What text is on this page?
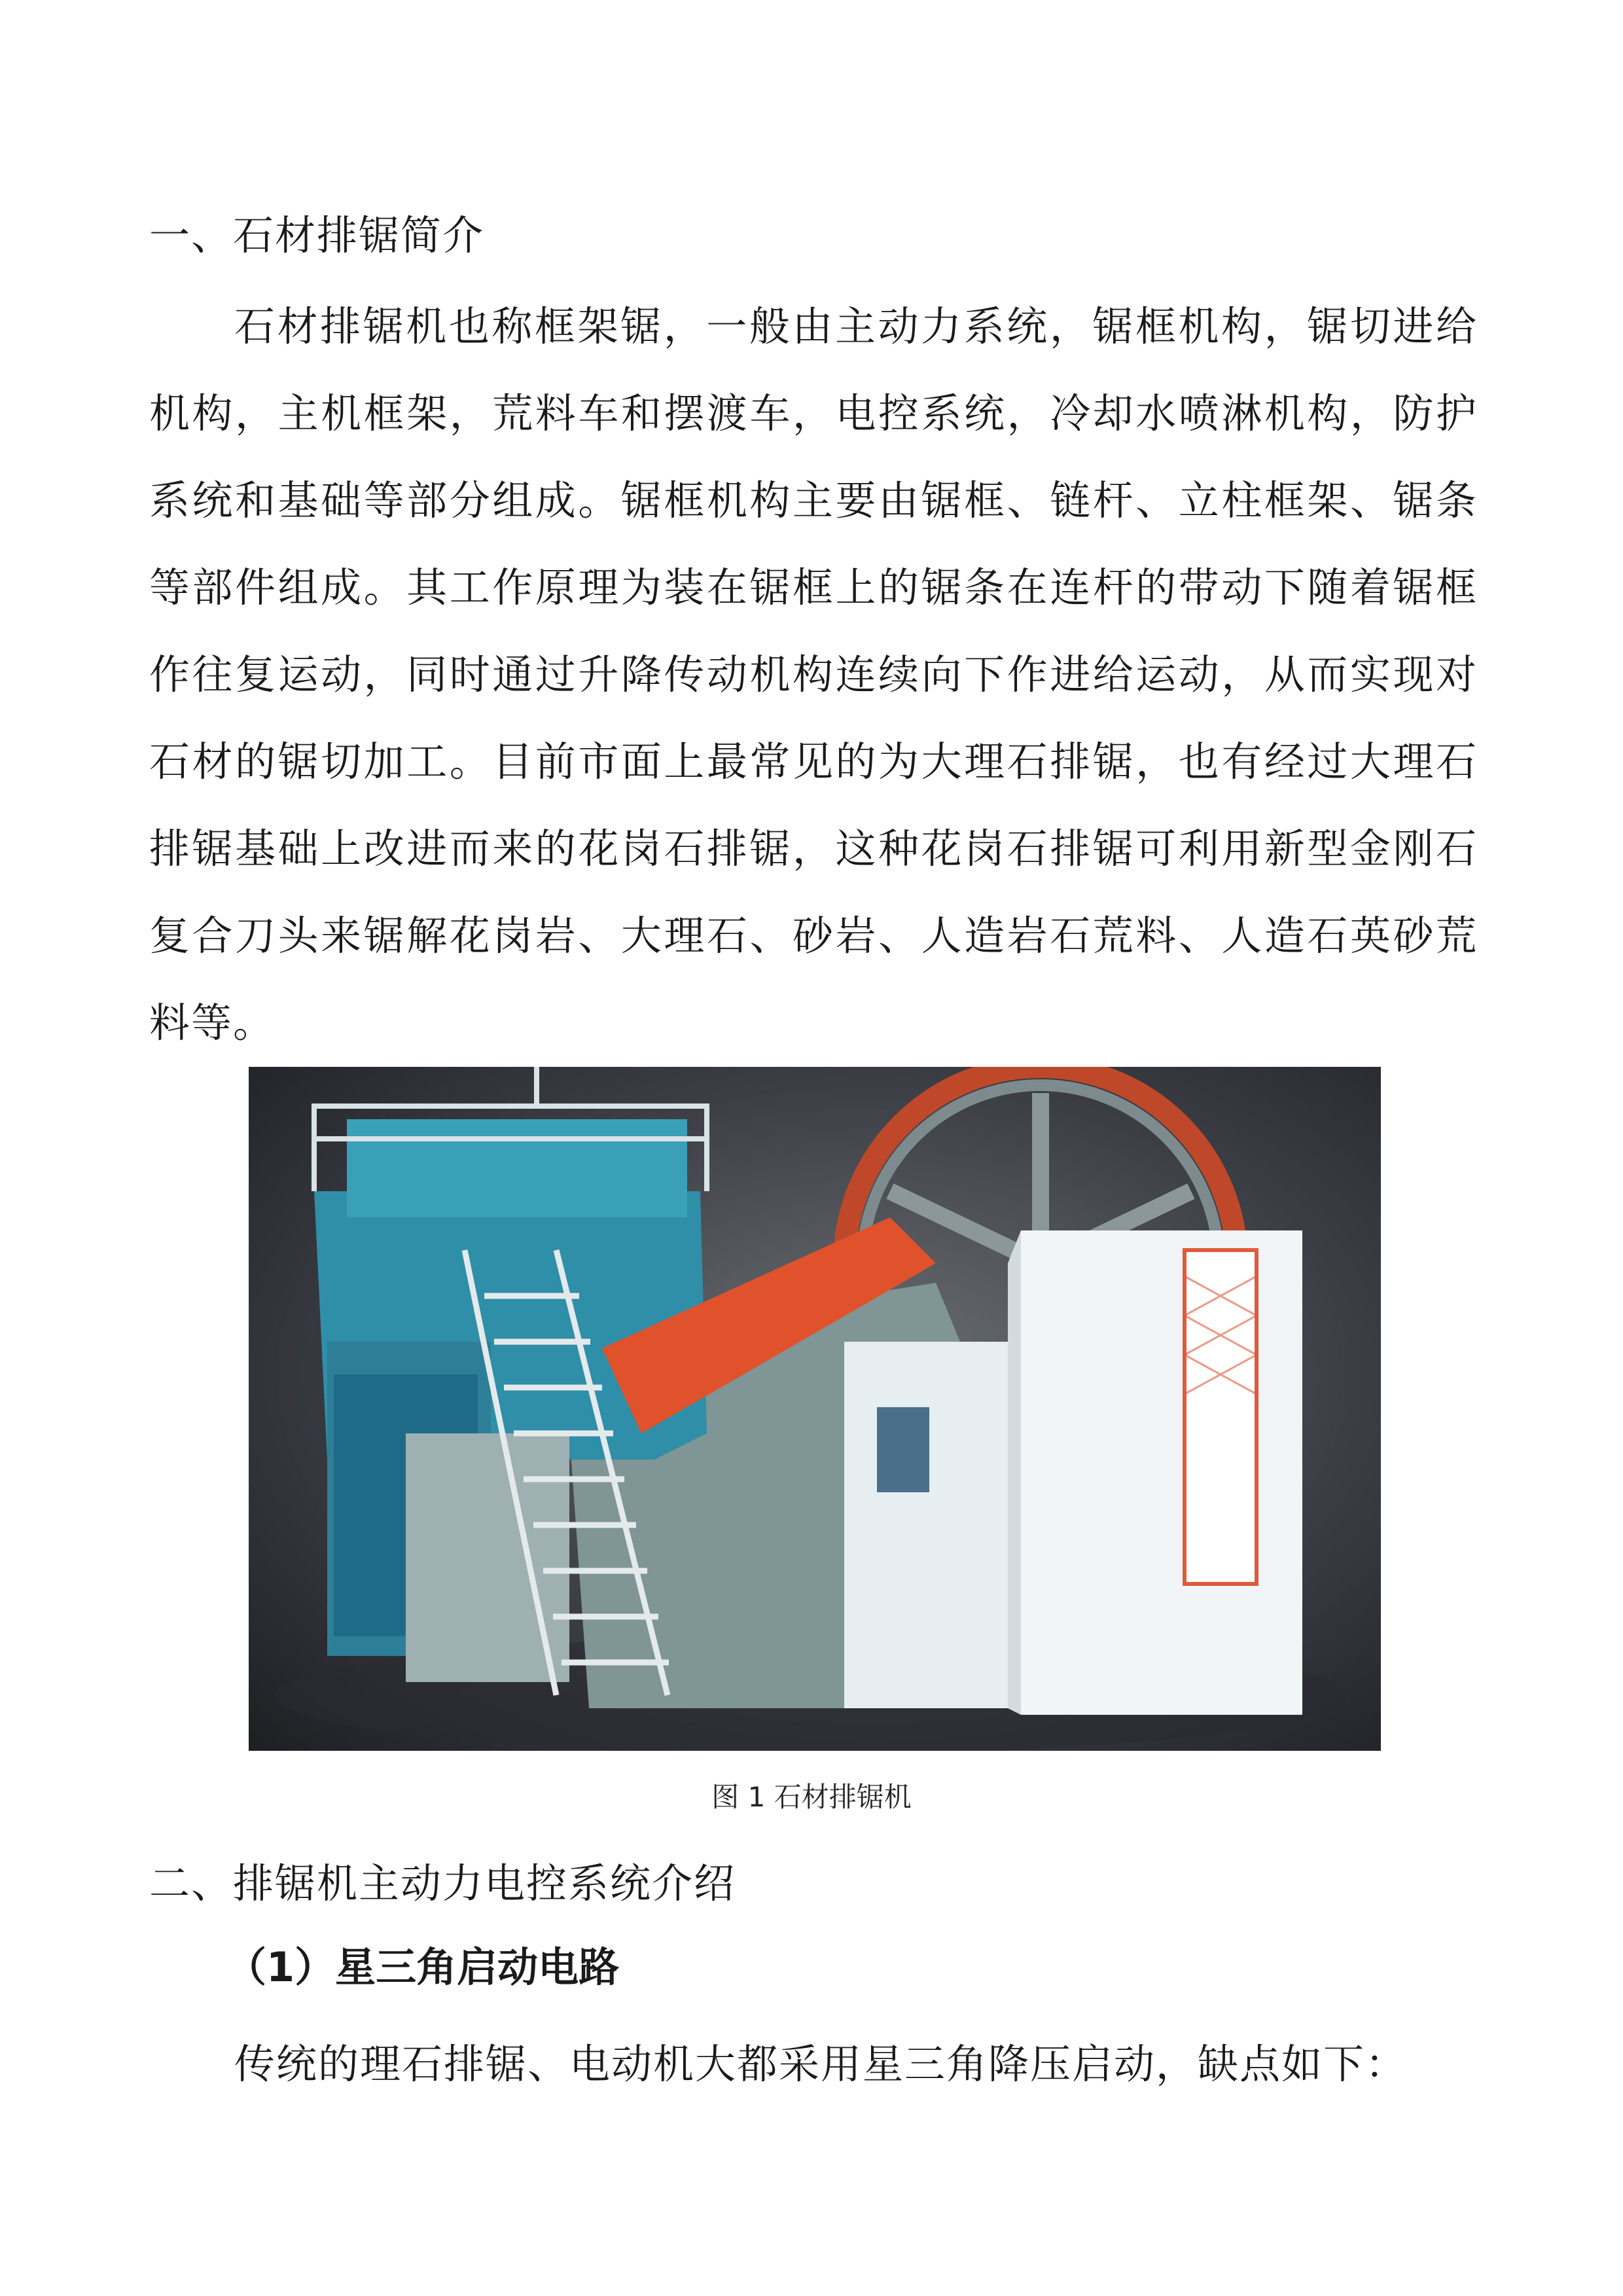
一、石材排锯简介

石材排锯机也称框架锯，一般由主动力系统，锯框机构，锯切进给机构，主机框架，荒料车和摆渡车，电控系统，冷却水喷淋机构，防护系统和基础等部分组成。锯框机构主要由锯框、链杆、立柱框架、锯条等部件组成。其工作原理为装在锯框上的锯条在连杆的带动下随着锯框作往复运动，同时通过升降传动机构连续向下作进给运动，从而实现对石材的锯切加工。目前市面上最常见的为大理石排锯，也有经过大理石排锯基础上改进而来的花岗石排锯，这种花岗石排锯可利用新型金刚石复合刀头来锯解花岗岩、大理石、砂岩、人造岩石荒料、人造石英砂荒料等。

图 1 石材排锯机
二、排锯机主动力电控系统介绍
（1）星三角启动电路
传统的理石排锯、电动机大都采用星三角降压启动，缺点如下：
